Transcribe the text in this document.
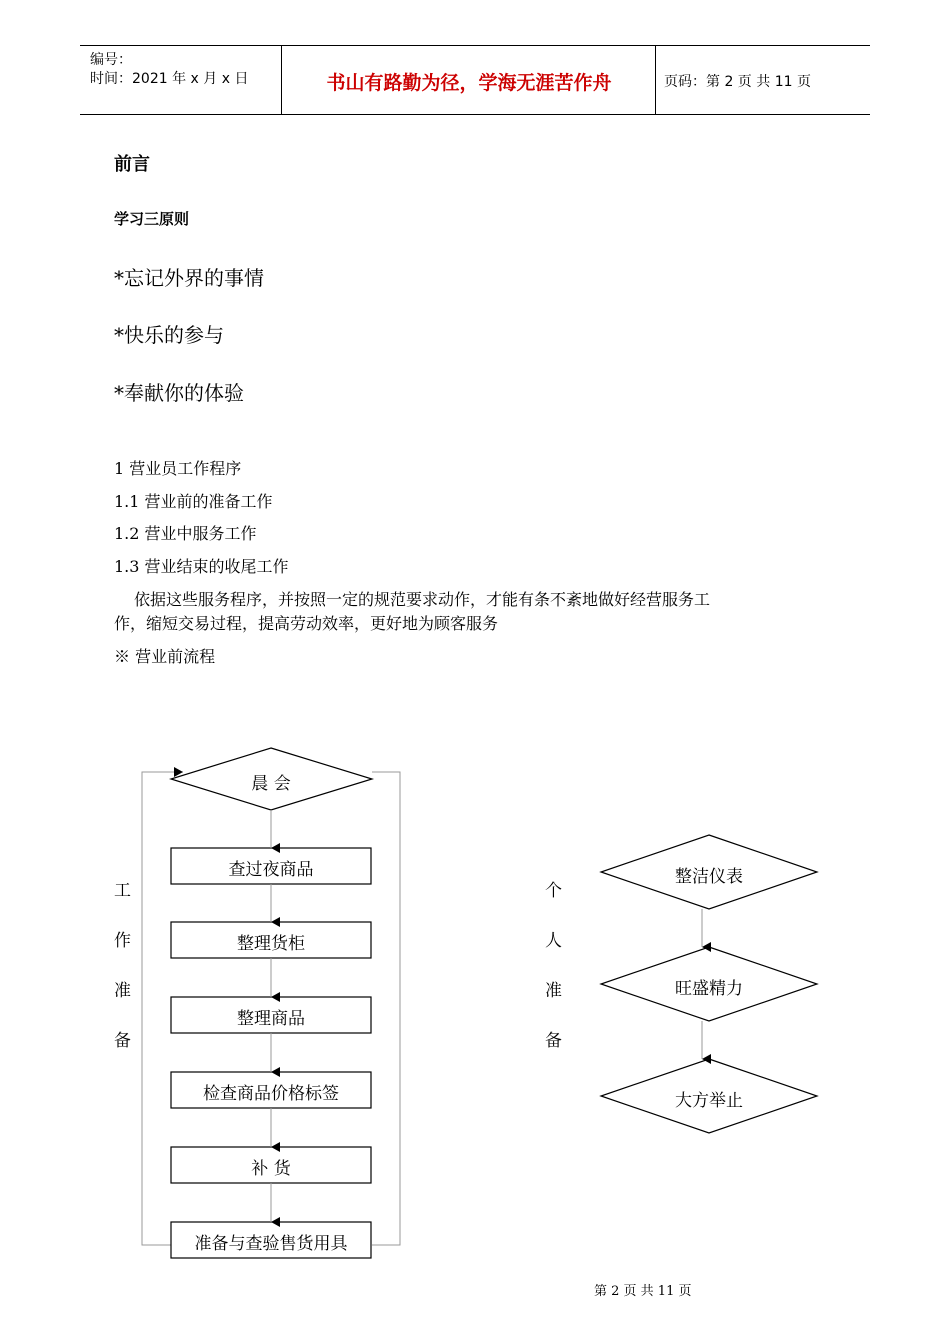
编号：
时间：2021 年 x 月 x 日	书山有路勤为径，学海无涯苦作舟	页码：第 2 页 共 11 页
前言
学习三原则
*忘记外界的事情
*快乐的参与
*奉献你的体验
1 营业员工作程序
1.1 营业前的准备工作
1.2 营业中服务工作
1.3 营业结束的收尾工作
依据这些服务程序，并按照一定的规范要求动作，才能有条不紊地做好经营服务工
作，缩短交易过程，提高劳动效率，更好地为顾客服务
※ 营业前流程
晨 会
查过夜商品
整理货柜
整理商品
检查商品价格标签
补 货
准备与查验售货用具
工
作
准
备
整洁仪表
旺盛精力
大方举止
个
人
准
备
第 2 页 共 11 页
